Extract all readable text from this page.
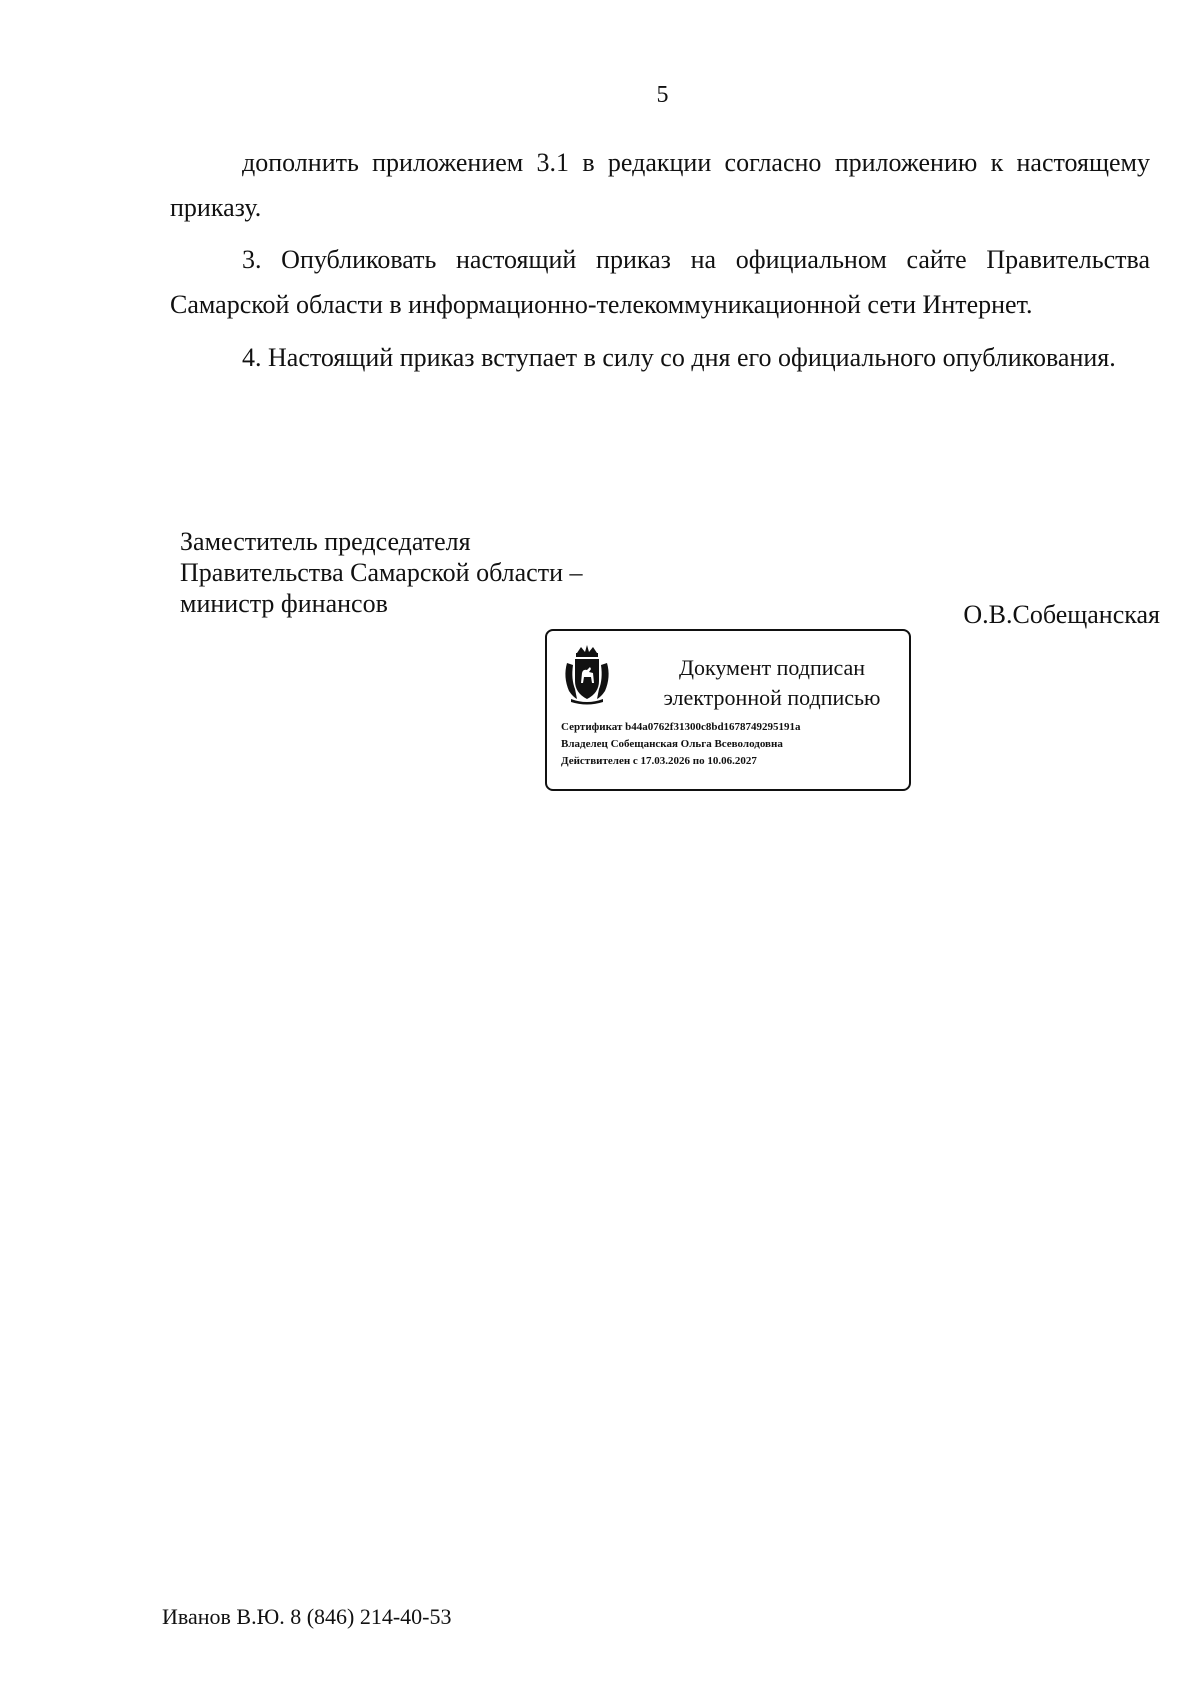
5
дополнить приложением 3.1 в редакции согласно приложению к настоящему приказу.
3. Опубликовать настоящий приказ на официальном сайте Правительства Самарской области в информационно-телекоммуникационной сети Интернет.
4. Настоящий приказ вступает в силу со дня его официального опубликования.
Заместитель председателя
Правительства Самарской области –
министр финансов	О.В.Собещанская
Документ подписан
электронной подписью
Сертификат b44a0762f31300c8bd1678749295191a
Владелец Собещанская Ольга Всеволодовна
Действителен с 17.03.2026 по 10.06.2027
Иванов В.Ю. 8 (846) 214-40-53
